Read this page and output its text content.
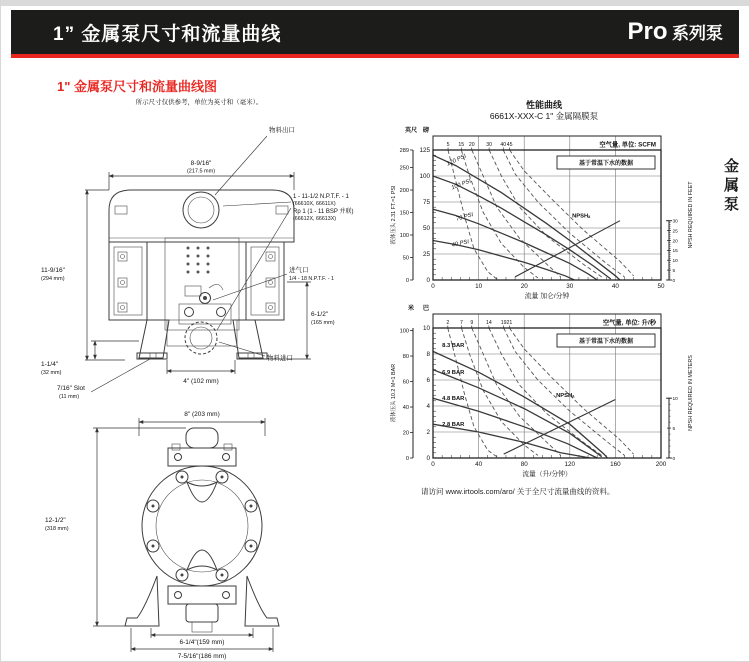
1” 金属泵尺寸和流量曲线	Pro 系列泵
1" 金属泵尺寸和流量曲线图
金属泵
所示尺寸仅供参考，单位为英寸和（毫米）。
8-9/16"
(217.5 mm)
11-9/16"
(294 mm)
6-1/2"
(165 mm)
1-1/4"
(32 mm)
7/16" Slot
(11 mm)
4" (102 mm)
物料出口
1 - 11-1/2 N.P.T.F. - 1
(66610X, 66611X)
Rp 1 (1 - 11 BSP 并联)
(66612X, 66613X)
进气口
1/4 - 18 N.P.T.F. - 1
物料进口
8" (203 mm)
12-1/2"
(318 mm)
6-1/4"(159 mm)
7-5/16"(186 mm)
性能曲线
6661X-XXX-C 1" 金属隔膜泵
NPSHₐ
120 PSI
100 PSI
70 PSI
40 PSI
基于常温下水的数据
5 15 20 30 40 45	空气量, 单位: SCFM
0	10	20	30	40	50
流量 加仑/分钟
0
25
50
75
100
125
0
50
100
150
200
250
289
英尺 磅
液体压头 2.31 FT.=1 PSI
0
5
10
15
20
25
30 NPSH REQUIRED IN FEET
NPSHₐ
8.3 BAR
6.9 BAR
4.8 BAR
2.8 BAR
基于常温下水的数据
2 7 9 14 19 21	空气量, 单位: 升/秒
0	40	80	120	160	200
流量（升/分钟）
0
2
4
6
8
10
0
20
40
60
80
100
米 巴
液体压头 10.2 M=1 BAR
0
5
10 NPSH REQUIRED IN METERS
请访问 www.irtools.com/aro/ 关于全尺寸流量曲线的资料。
